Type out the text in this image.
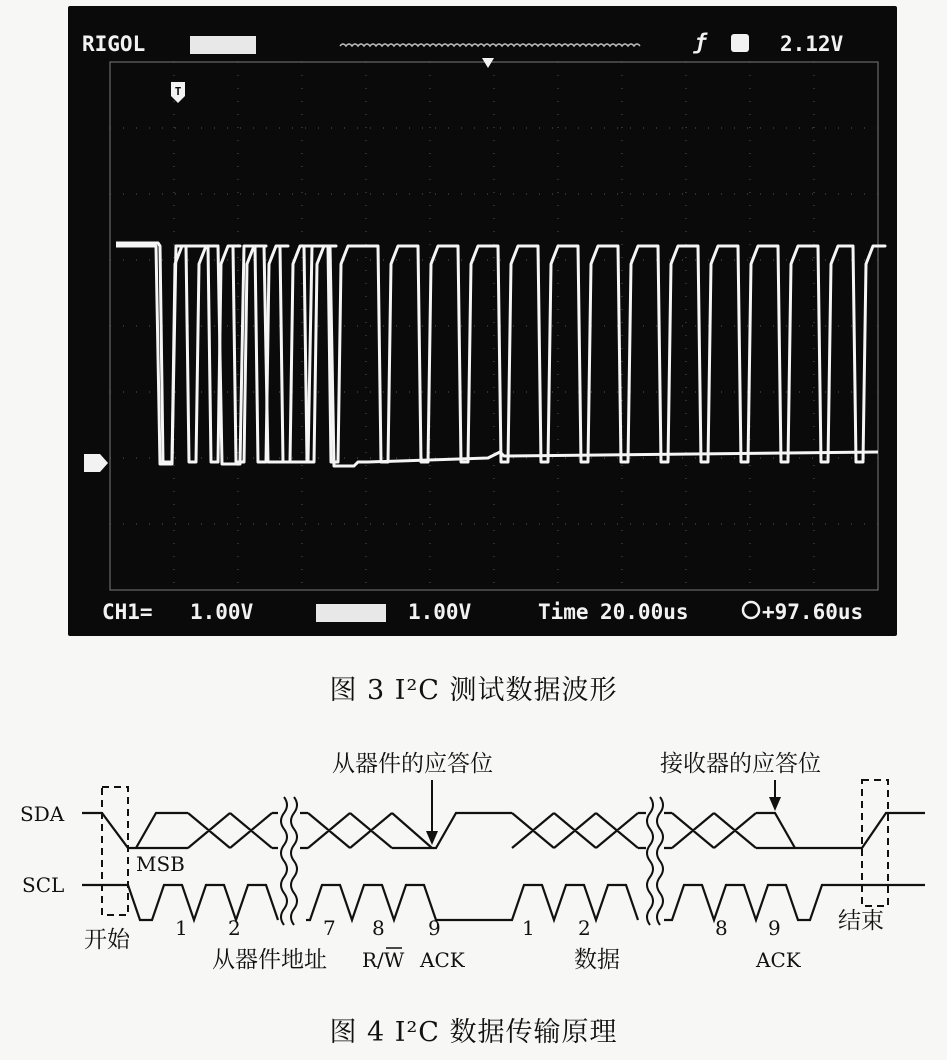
T
RIGOL	ƒ	2.12V
CH1= 1.00V	1.00V	Time 20.00us	+97.60us
图 3 I²C 测试数据波形
SDA
SCL
MSB
从器件的应答位	接收器的应答位
开始
结束
1 2	7 8 9	1 2	8 9
从器件地址 R/W ACK	数据	ACK
图 4 I²C 数据传输原理
